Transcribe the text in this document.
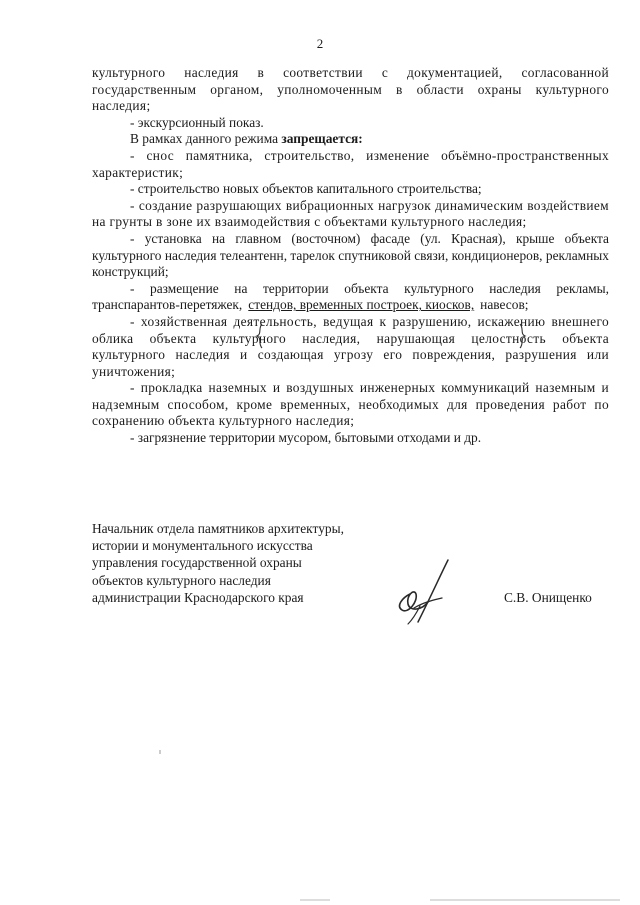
2

культурного наследия в соответствии с документацией, согласованной государственным органом, уполномоченным в области охраны культурного наследия;

- экскурсионный показ.

В рамках данного режима запрещается:

- снос памятника, строительство, изменение объёмно-пространственных характеристик;

- строительство новых объектов капитального строительства;

- создание разрушающих вибрационных нагрузок динамическим воздействием на грунты в зоне их взаимодействия с объектами культурного наследия;

- установка на главном (восточном) фасаде (ул. Красная), крыше объекта культурного наследия телеантенн, тарелок спутниковой связи, кондиционеров, рекламных конструкций;

- размещение на территории объекта культурного наследия рекламы, транспарантов-перетяжек, стендов, временных построек, киосков, навесов;

- хозяйственная деятельность, ведущая к разрушению, искажению внешнего облика объекта культурного наследия, нарушающая целостность объекта культурного наследия и создающая угрозу его повреждения, разрушения или уничтожения;

- прокладка наземных и воздушных инженерных коммуникаций наземным и надземным способом, кроме временных, необходимых для проведения работ по сохранению объекта культурного наследия;

- загрязнение территории мусором, бытовыми отходами и др.

Начальник отдела памятников архитектуры,
истории и монументального искусства
управления государственной охраны
объектов культурного наследия
администрации Краснодарского края	С.В. Онищенко
